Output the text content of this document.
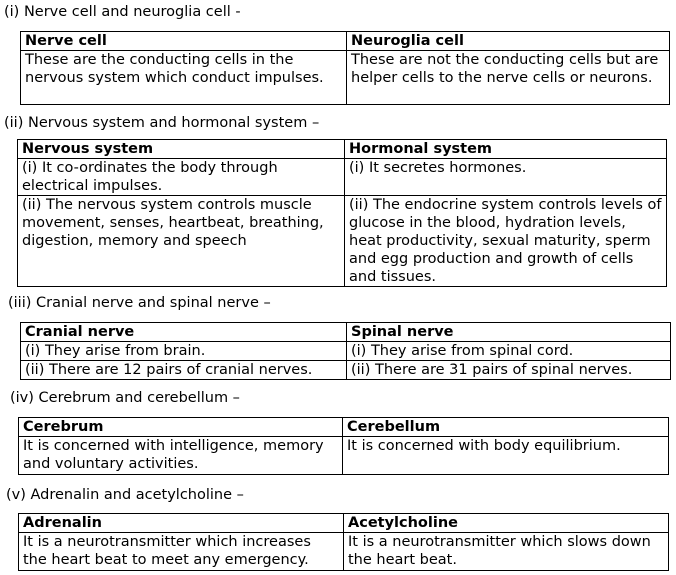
(i) Nerve cell and neuroglia cell -
Nerve cell	Neuroglia cell
These are the conducting cells in the nervous system which conduct impulses.	These are not the conducting cells but are helper cells to the nerve cells or neurons.
(ii) Nervous system and hormonal system –
Nervous system	Hormonal system
(i) It co-ordinates the body through electrical impulses.	(i) It secretes hormones.
(ii) The nervous system controls muscle movement, senses, heartbeat, breathing, digestion, memory and speech	(ii) The endocrine system controls levels of glucose in the blood, hydration levels, heat productivity, sexual maturity, sperm and egg production and growth of cells and tissues.
(iii) Cranial nerve and spinal nerve –
Cranial nerve	Spinal nerve
(i) They arise from brain.	(i) They arise from spinal cord.
(ii) There are 12 pairs of cranial nerves.	(ii) There are 31 pairs of spinal nerves.
(iv) Cerebrum and cerebellum –
Cerebrum	Cerebellum
It is concerned with intelligence, memory and voluntary activities.	It is concerned with body equilibrium.
(v) Adrenalin and acetylcholine –
Adrenalin	Acetylcholine
It is a neurotransmitter which increases the heart beat to meet any emergency.	It is a neurotransmitter which slows down the heart beat.
